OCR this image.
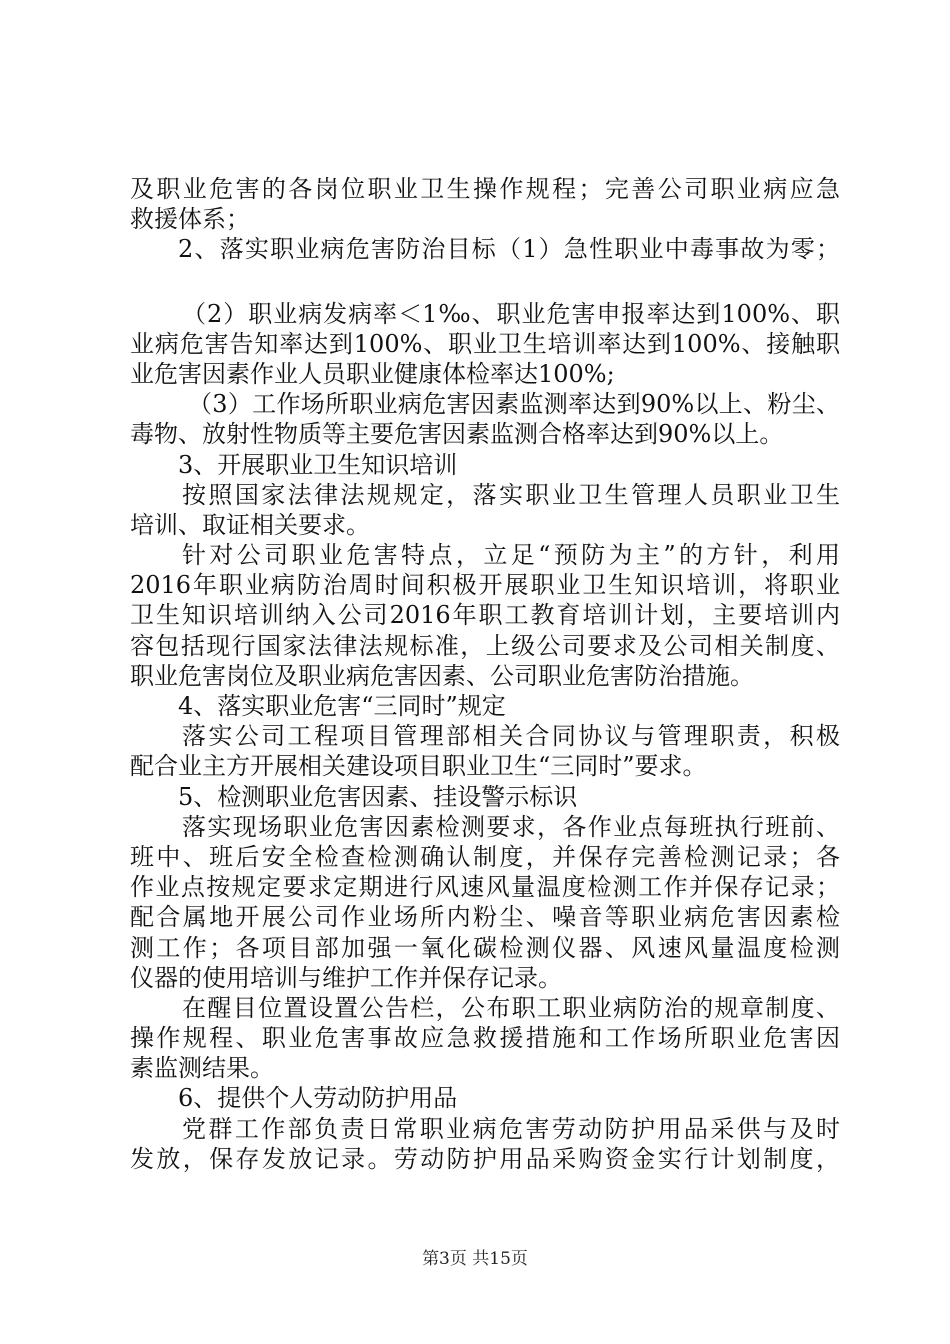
及职业危害的各岗位职业卫生操作规程；完善公司职业病应急
救援体系；
2、落实职业病危害防治目标（1）急性职业中毒事故为零；
（2）职业病发病率＜1‰、职业危害申报率达到100%、职
业病危害告知率达到100%、职业卫生培训率达到100%、接触职
业危害因素作业人员职业健康体检率达100%;
（3）工作场所职业病危害因素监测率达到90%以上、粉尘、
毒物、放射性物质等主要危害因素监测合格率达到90%以上。
3、开展职业卫生知识培训
按照国家法律法规规定，落实职业卫生管理人员职业卫生
培训、取证相关要求。
针对公司职业危害特点，立足“预防为主”的方针，利用
2016年职业病防治周时间积极开展职业卫生知识培训，将职业
卫生知识培训纳入公司2016年职工教育培训计划，主要培训内
容包括现行国家法律法规标准，上级公司要求及公司相关制度、
职业危害岗位及职业病危害因素、公司职业危害防治措施。
4、落实职业危害“三同时”规定
落实公司工程项目管理部相关合同协议与管理职责，积极
配合业主方开展相关建设项目职业卫生“三同时”要求。
5、检测职业危害因素、挂设警示标识
落实现场职业危害因素检测要求，各作业点每班执行班前、
班中、班后安全检查检测确认制度，并保存完善检测记录；各
作业点按规定要求定期进行风速风量温度检测工作并保存记录；
配合属地开展公司作业场所内粉尘、噪音等职业病危害因素检
测工作；各项目部加强一氧化碳检测仪器、风速风量温度检测
仪器的使用培训与维护工作并保存记录。
在醒目位置设置公告栏，公布职工职业病防治的规章制度、
操作规程、职业危害事故应急救援措施和工作场所职业危害因
素监测结果。
6、提供个人劳动防护用品
党群工作部负责日常职业病危害劳动防护用品采供与及时
发放，保存发放记录。劳动防护用品采购资金实行计划制度，
第3页 共15页
